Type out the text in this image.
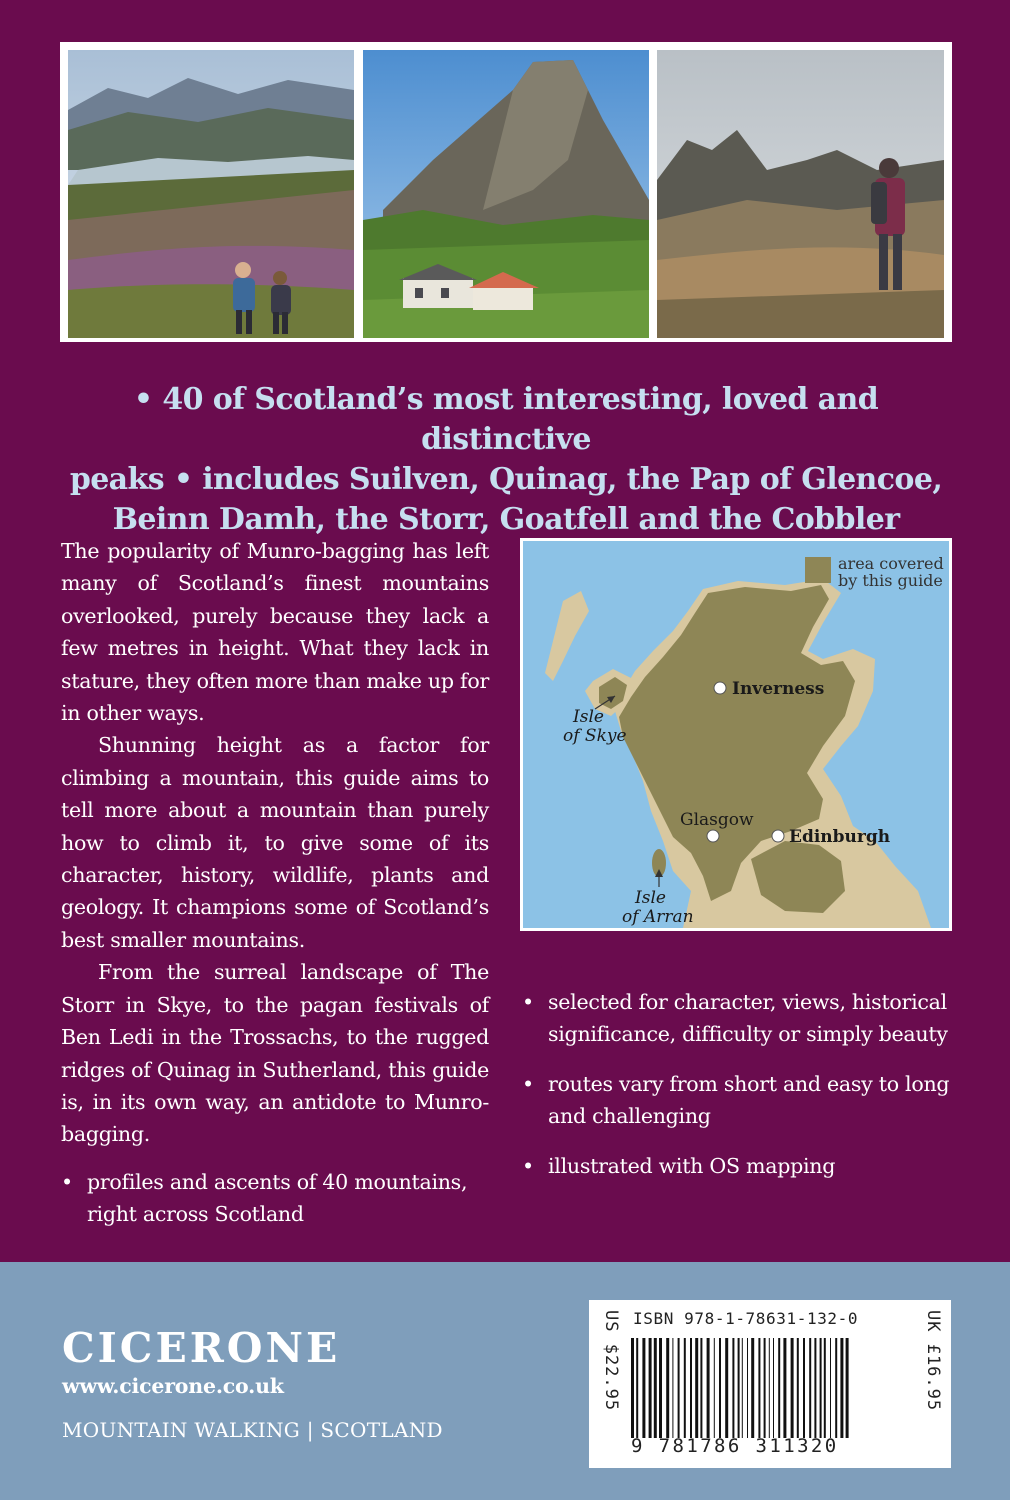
• 40 of Scotland’s most interesting, loved and distinctive
peaks • includes Suilven, Quinag, the Pap of Glencoe,
Beinn Damh, the Storr, Goatfell and the Cobbler

The popularity of Munro-bagging has left many of Scotland’s finest mountains overlooked, purely because they lack a few metres in height. What they lack in stature, they often more than make up for in other ways.

Shunning height as a factor for climbing a mountain, this guide aims to tell more about a mountain than purely how to climb it, to give some of its character, history, wildlife, plants and geology. It champions some of Scotland’s best smaller mountains.

From the surreal landscape of The Storr in Skye, to the pagan festivals of Ben Ledi in the Trossachs, to the rugged ridges of Quinag in Sutherland, this guide is, in its own way, an antidote to Munro-bagging.

• profiles and ascents of 40 mountains, right across Scotland
• selected for character, views, historical significance, difficulty or simply beauty
• routes vary from short and easy to long and challenging
• illustrated with OS mapping
area covered
by this guide
Inverness
Glasgow
Edinburgh
Isle
of Skye
Isle
of Arran
CICERONE
www.cicerone.co.uk
MOUNTAIN WALKING | SCOTLAND
US $22.95 ISBN 978-1-78631-132-0
9 781786 311320
UK £16.95
